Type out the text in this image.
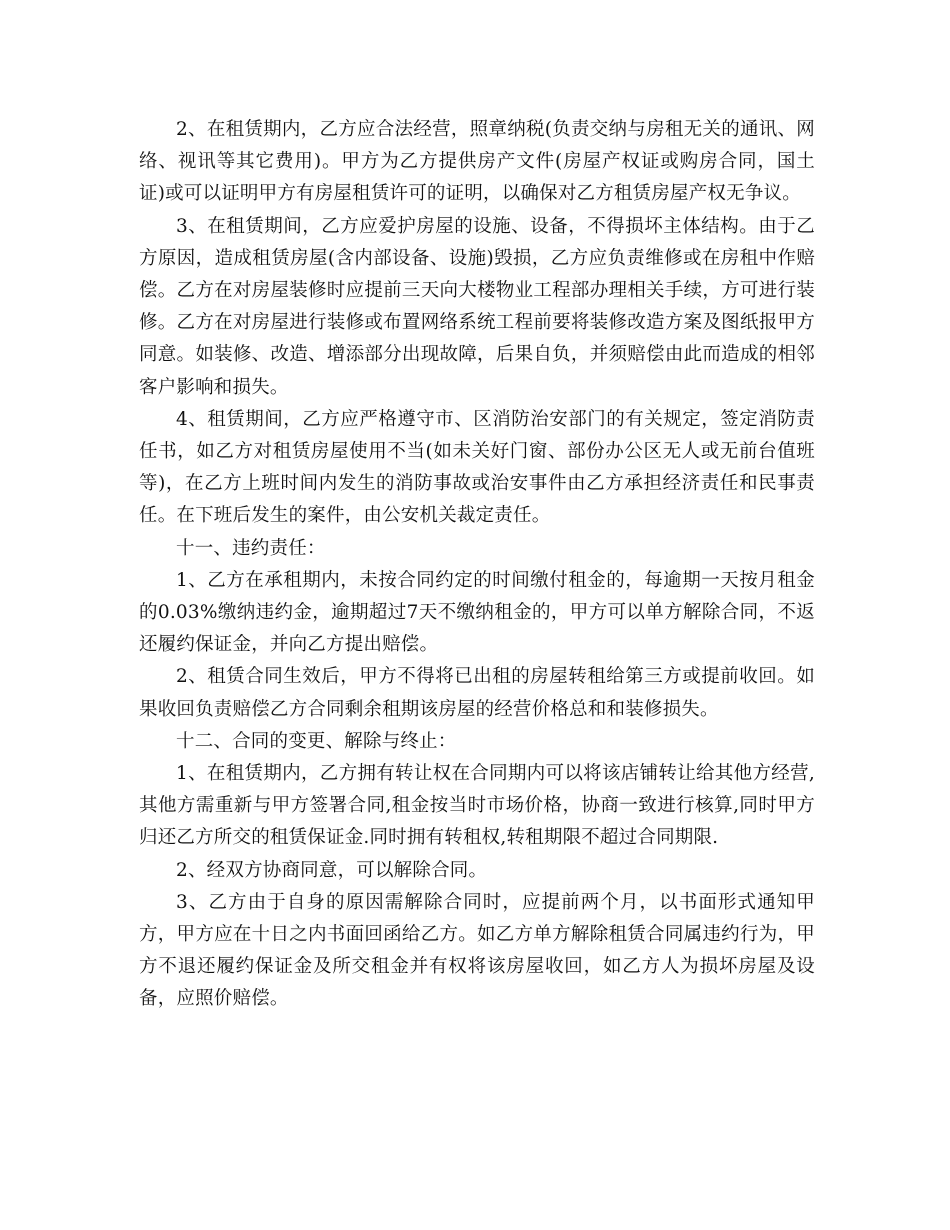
2、在租赁期内，乙方应合法经营，照章纳税(负责交纳与房租无关的通讯、网络、视讯等其它费用)。甲方为乙方提供房产文件(房屋产权证或购房合同，国土证)或可以证明甲方有房屋租赁许可的证明，以确保对乙方租赁房屋产权无争议。

3、在租赁期间，乙方应爱护房屋的设施、设备，不得损坏主体结构。由于乙方原因，造成租赁房屋(含内部设备、设施)毁损，乙方应负责维修或在房租中作赔偿。乙方在对房屋装修时应提前三天向大楼物业工程部办理相关手续，方可进行装修。乙方在对房屋进行装修或布置网络系统工程前要将装修改造方案及图纸报甲方同意。如装修、改造、增添部分出现故障，后果自负，并须赔偿由此而造成的相邻客户影响和损失。

4、租赁期间，乙方应严格遵守市、区消防治安部门的有关规定，签定消防责任书，如乙方对租赁房屋使用不当(如未关好门窗、部份办公区无人或无前台值班等)，在乙方上班时间内发生的消防事故或治安事件由乙方承担经济责任和民事责任。在下班后发生的案件，由公安机关裁定责任。

十一、违约责任：

1、乙方在承租期内，未按合同约定的时间缴付租金的，每逾期一天按月租金的0.03%缴纳违约金，逾期超过7天不缴纳租金的，甲方可以单方解除合同，不返还履约保证金，并向乙方提出赔偿。

2、租赁合同生效后，甲方不得将已出租的房屋转租给第三方或提前收回。如果收回负责赔偿乙方合同剩余租期该房屋的经营价格总和和装修损失。

十二、合同的变更、解除与终止：

1、在租赁期内，乙方拥有转让权在合同期内可以将该店铺转让给其他方经营,其他方需重新与甲方签署合同,租金按当时市场价格，协商一致进行核算,同时甲方归还乙方所交的租赁保证金.同时拥有转租权,转租期限不超过合同期限.

2、经双方协商同意，可以解除合同。

3、乙方由于自身的原因需解除合同时，应提前两个月，以书面形式通知甲方，甲方应在十日之内书面回函给乙方。如乙方单方解除租赁合同属违约行为，甲方不退还履约保证金及所交租金并有权将该房屋收回，如乙方人为损坏房屋及设备，应照价赔偿。
